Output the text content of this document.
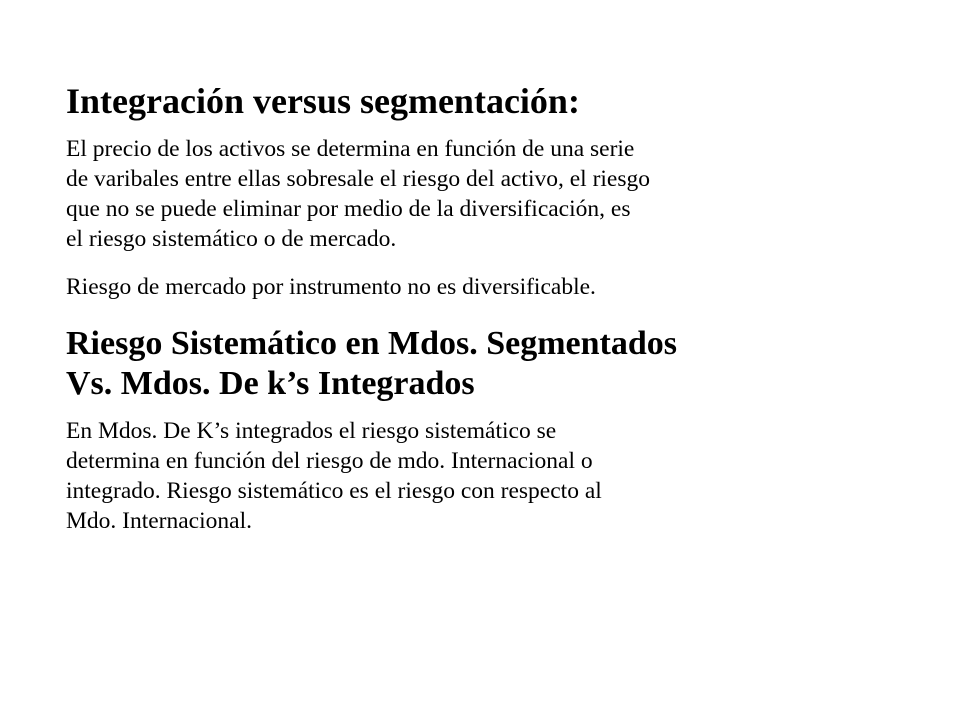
Integración versus segmentación:
El precio de los activos se determina en función de una serie
de varibales entre ellas sobresale el riesgo del activo, el riesgo
que no se puede eliminar por medio de la diversificación, es
el riesgo sistemático o de mercado.
Riesgo de mercado por instrumento no es diversificable.
Riesgo Sistemático en Mdos. Segmentados
Vs. Mdos. De k’s Integrados
En Mdos. De K’s integrados el riesgo sistemático se
determina en función del riesgo de mdo. Internacional o
integrado. Riesgo sistemático es el riesgo con respecto al
Mdo. Internacional.
